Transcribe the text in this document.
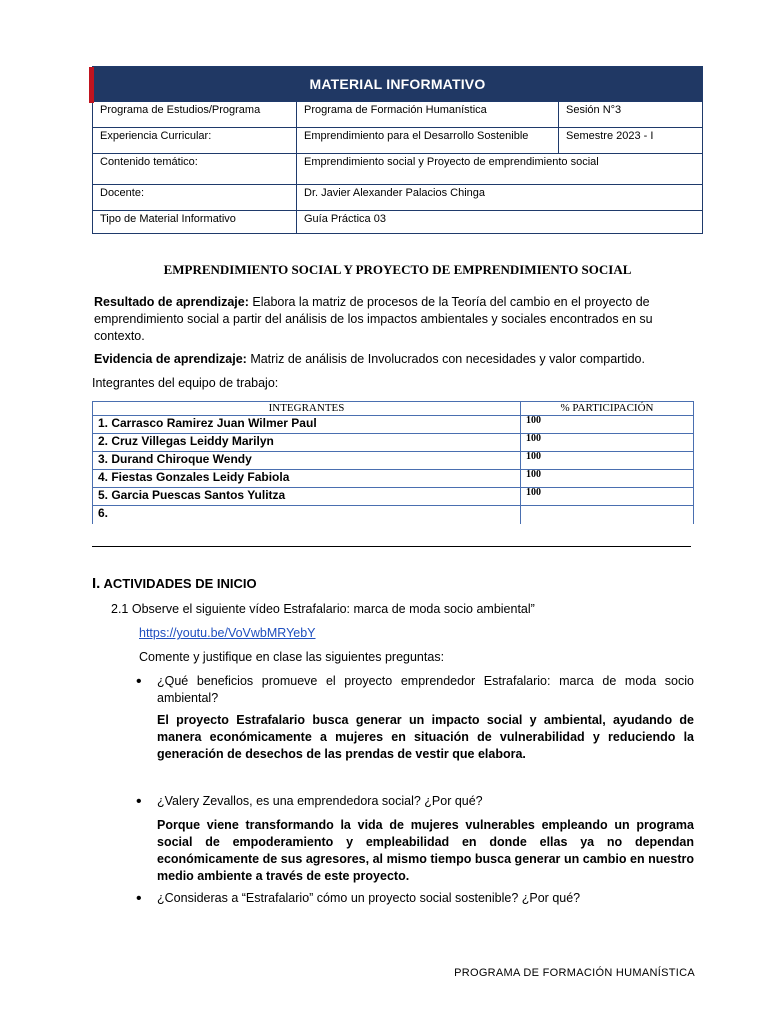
MATERIAL INFORMATIVO
Programa de Estudios/Programa	Programa de Formación Humanística	Sesión N°3
Experiencia Curricular:	Emprendimiento para el Desarrollo Sostenible	Semestre 2023 - I
Contenido temático:	Emprendimiento social y Proyecto de emprendimiento social
Docente:	Dr. Javier Alexander Palacios Chinga
Tipo de Material Informativo	Guía Práctica 03
EMPRENDIMIENTO SOCIAL Y PROYECTO DE EMPRENDIMIENTO SOCIAL
Resultado de aprendizaje: Elabora la matriz de procesos de la Teoría del cambio en el proyecto de emprendimiento social a partir del análisis de los impactos ambientales y sociales encontrados en su contexto.
Evidencia de aprendizaje: Matriz de análisis de Involucrados con necesidades y valor compartido.
Integrantes del equipo de trabajo:
INTEGRANTES	% PARTICIPACIÓN
1. Carrasco Ramirez Juan Wilmer Paul	100
2. Cruz Villegas Leiddy Marilyn	100
3. Durand Chiroque Wendy	100
4. Fiestas Gonzales Leidy Fabiola	100
5. Garcia Puescas Santos Yulitza	100
6.	
I. ACTIVIDADES DE INICIO
2.1 Observe el siguiente vídeo Estrafalario: marca de moda socio ambiental”
https://youtu.be/VoVwbMRYebY
Comente y justifique en clase las siguientes preguntas:
• ¿Qué beneficios promueve el proyecto emprendedor Estrafalario: marca de moda socio ambiental?
El proyecto Estrafalario busca generar un impacto social y ambiental, ayudando de manera económicamente a mujeres en situación de vulnerabilidad y reduciendo la generación de desechos de las prendas de vestir que elabora.
• ¿Valery Zevallos, es una emprendedora social? ¿Por qué?
Porque viene transformando la vida de mujeres vulnerables empleando un programa social de empoderamiento y empleabilidad en donde ellas ya no dependan económicamente de sus agresores, al mismo tiempo busca generar un cambio en nuestro medio ambiente a través de este proyecto.
• ¿Consideras a “Estrafalario” cómo un proyecto social sostenible? ¿Por qué?
PROGRAMA DE FORMACIÓN HUMANÍSTICA
